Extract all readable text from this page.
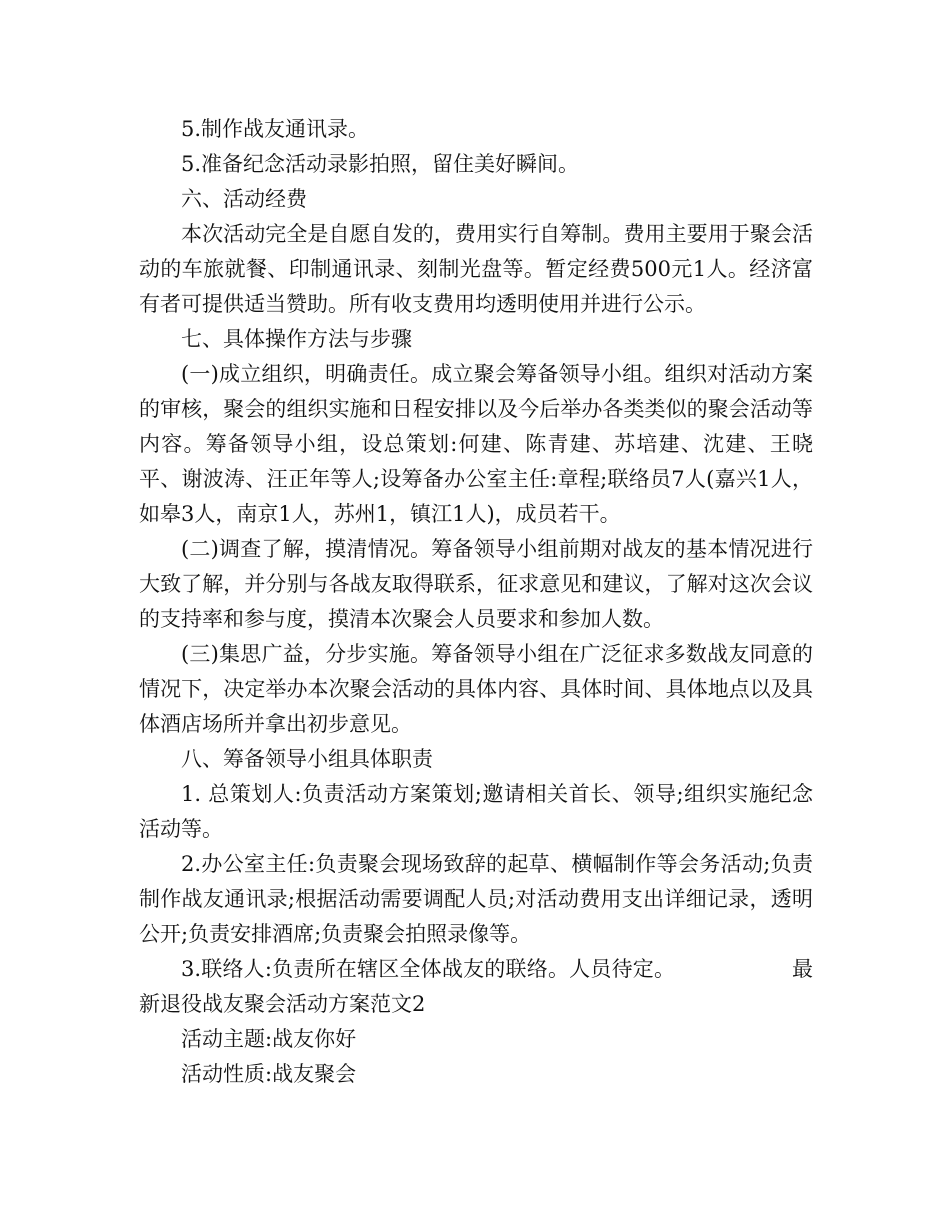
5.制作战友通讯录。

5.准备纪念活动录影拍照，留住美好瞬间。

六、活动经费

本次活动完全是自愿自发的，费用实行自筹制。费用主要用于聚会活动的车旅就餐、印制通讯录、刻制光盘等。暂定经费500元1人。经济富有者可提供适当赞助。所有收支费用均透明使用并进行公示。

七、具体操作方法与步骤

(一)成立组织，明确责任。成立聚会筹备领导小组。组织对活动方案的审核，聚会的组织实施和日程安排以及今后举办各类类似的聚会活动等内容。筹备领导小组，设总策划:何建、陈青建、苏培建、沈建、王晓平、谢波涛、汪正年等人;设筹备办公室主任:章程;联络员7人(嘉兴1人，如皋3人，南京1人，苏州1，镇江1人)，成员若干。

(二)调查了解，摸清情况。筹备领导小组前期对战友的基本情况进行大致了解，并分别与各战友取得联系，征求意见和建议，了解对这次会议的支持率和参与度，摸清本次聚会人员要求和参加人数。

(三)集思广益，分步实施。筹备领导小组在广泛征求多数战友同意的情况下，决定举办本次聚会活动的具体内容、具体时间、具体地点以及具体酒店场所并拿出初步意见。

八、筹备领导小组具体职责

1. 总策划人:负责活动方案策划;邀请相关首长、领导;组织实施纪念活动等。

2.办公室主任:负责聚会现场致辞的起草、横幅制作等会务活动;负责制作战友通讯录;根据活动需要调配人员;对活动费用支出详细记录，透明公开;负责安排酒席;负责聚会拍照录像等。

3.联络人:负责所在辖区全体战友的联络。人员待定。　　　　　　最新退役战友聚会活动方案范文2

活动主题:战友你好

活动性质:战友聚会
